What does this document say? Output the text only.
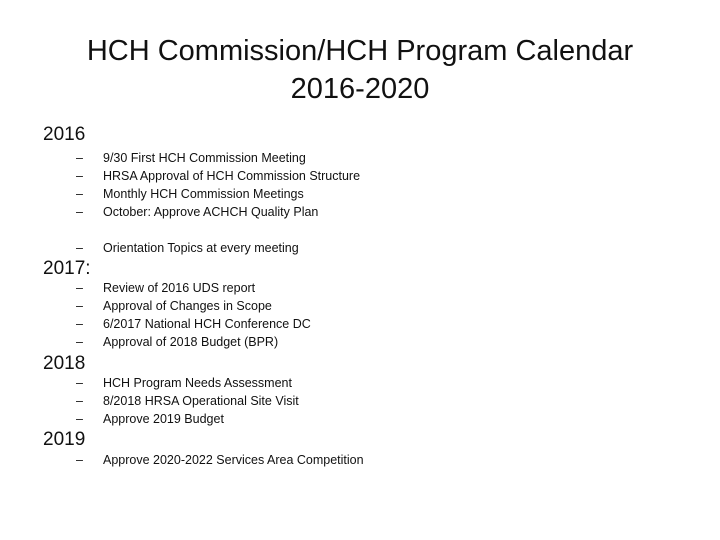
HCH Commission/HCH Program Calendar
2016-2020
2016
–	9/30 First HCH Commission Meeting
–	HRSA Approval of HCH Commission Structure
–	Monthly HCH Commission Meetings
–	October: Approve ACHCH Quality Plan
–	Orientation Topics at every meeting
2017:
–	Review of 2016 UDS report
–	Approval of Changes in Scope
–	6/2017 National HCH Conference DC
–	Approval of 2018 Budget (BPR)
2018
–	HCH Program Needs Assessment
–	8/2018 HRSA Operational Site Visit
–	Approve 2019 Budget
2019
–	Approve 2020-2022 Services Area Competition
